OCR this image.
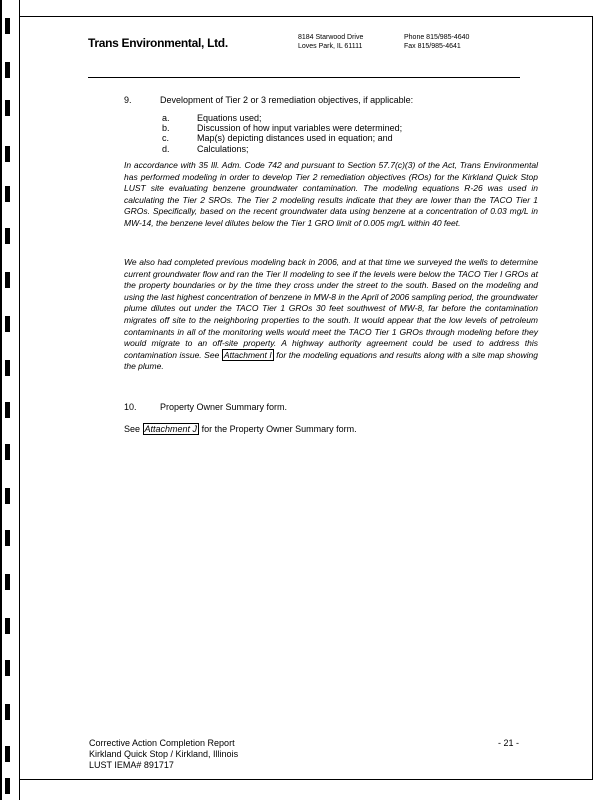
Trans Environmental, Ltd.	8184 Starwood Drive
Loves Park, IL 61111
Phone 815/985-4640
Fax 815/985-4641
9.	Development of Tier 2 or 3 remediation objectives, if applicable:
a.	Equations used;
b.	Discussion of how input variables were determined;
c.	Map(s) depicting distances used in equation; and
d.	Calculations;
In accordance with 35 Ill. Adm. Code 742 and pursuant to Section 57.7(c)(3) of the Act, Trans Environmental has performed modeling in order to develop Tier 2 remediation objectives (ROs) for the Kirkland Quick Stop LUST site evaluating benzene groundwater contamination. The modeling equations R-26 was used in calculating the Tier 2 SROs. The Tier 2 modeling results indicate that they are lower than the TACO Tier 1 GROs. Specifically, based on the recent groundwater data using benzene at a concentration of 0.03 mg/L in MW-14, the benzene level dilutes below the Tier 1 GRO limit of 0.005 mg/L within 40 feet.
We also had completed previous modeling back in 2006, and at that time we surveyed the wells to determine current groundwater flow and ran the Tier II modeling to see if the levels were below the TACO Tier I GROs at the property boundaries or by the time they cross under the street to the south. Based on the modeling and using the last highest concentration of benzene in MW-8 in the April of 2006 sampling period, the groundwater plume dilutes out under the TACO Tier 1 GROs 30 feet southwest of MW-8, far before the contamination migrates off site to the neighboring properties to the south. It would appear that the low levels of petroleum contaminants in all of the monitoring wells would meet the TACO Tier 1 GROs through modeling before they would migrate to an off-site property. A highway authority agreement could be used to address this contamination issue. See Attachment I for the modeling equations and results along with a site map showing the plume.
10.	Property Owner Summary form.
See Attachment J for the Property Owner Summary form.
Corrective Action Completion Report
Kirkland Quick Stop / Kirkland, Illinois
LUST IEMA# 891717
- 21 -
